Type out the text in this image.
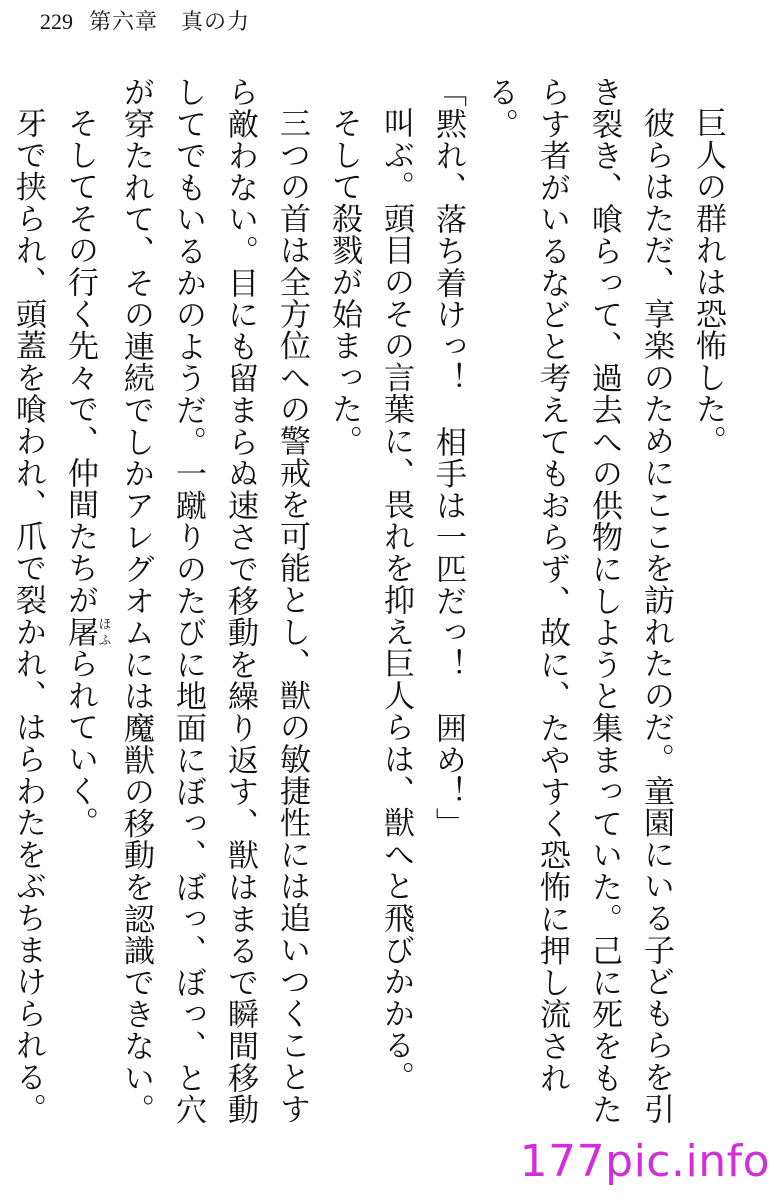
229 第六章　真の力

巨人の群れは恐怖した。

彼らはただ、享楽のためにここを訪れたのだ。童園にいる子どもらを引き裂き、喰らって、過去への供物にしようと集まっていた。己に死をもたらす者がいるなどと考えてもおらず、故に、たやすく恐怖に押し流される。

「黙れ、落ち着けっ！　相手は一匹だっ！　囲め！」

叫ぶ。頭目のその言葉に、畏れを抑え巨人らは、獣へと飛びかかる。

そして殺戮が始まった。

三つの首は全方位への警戒を可能とし、獣の敏捷性には追いつくことすら敵わない。目にも留まらぬ速さで移動を繰り返す、獣はまるで瞬間移動してでもいるかのようだ。一蹴りのたびに地面にぼっ、ぼっ、ぼっ、と穴が穿たれて、その連続でしかアレグオムには魔獣の移動を認識できない。

そしてその行く先々で、仲間たちが屠ほふられていく。

牙で挟られ、頭蓋を喰われ、爪で裂かれ、はらわたをぶちまけられる。

177pic.info
